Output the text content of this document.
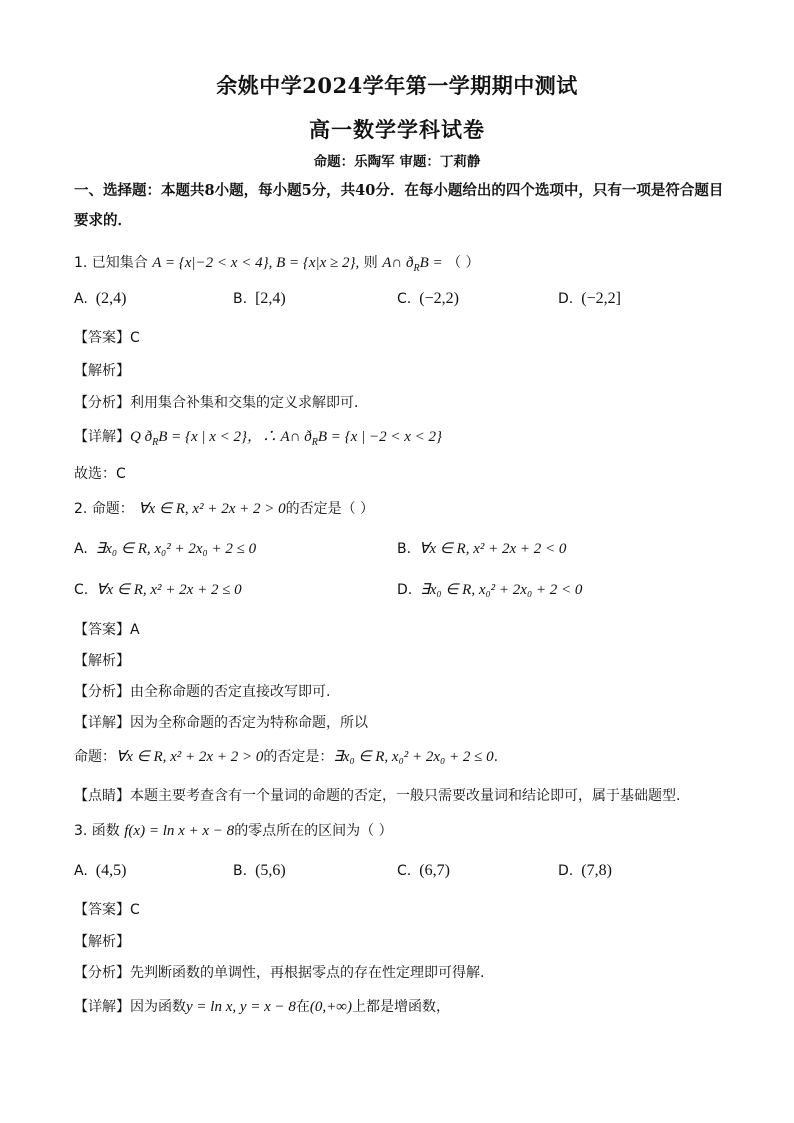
余姚中学2024学年第一学期期中测试
高一数学学科试卷
命题：乐陶军 审题：丁莉静
一、选择题：本题共8小题，每小题5分，共40分．在每小题给出的四个选项中，只有一项是符合题目要求的．
1. 已知集合 A = {x|−2 < x < 4}, B = {x|x ≥ 2}, 则 A∩ $ð_RB$ = （ ）
A. (2,4)	B. [2,4)	C. (−2,2)	D. (−2,2]
【答案】C
【解析】
【分析】利用集合补集和交集的定义求解即可．
【详解】Q $ð_RB = \{x$ | x < 2}，∴ A∩ $ð_RB = \{x$ | −2 < x < 2}
故选：C
2. 命题： ∀x ∈ R, x² + 2x + 2 > 0的否定是（ ）
A. ∃x₀ ∈ R, x₀² + 2x₀ + 2 ≤ 0	B. ∀x ∈ R, x² + 2x + 2 < 0
C. ∀x ∈ R, x² + 2x + 2 ≤ 0	D. ∃x₀ ∈ R, x₀² + 2x₀ + 2 < 0
【答案】A
【解析】
【分析】由全称命题的否定直接改写即可.
【详解】因为全称命题的否定为特称命题，所以
命题：∀x ∈ R, x² + 2x + 2 > 0的否定是：∃x₀ ∈ R, x₀² + 2x₀ + 2 ≤ 0.
【点睛】本题主要考查含有一个量词的命题的否定，一般只需要改量词和结论即可，属于基础题型.
3. 函数 f(x) = ln x + x − 8的零点所在的区间为（ ）
A. (4,5)	B. (5,6)	C. (6,7)	D. (7,8)
【答案】C
【解析】
【分析】先判断函数的单调性，再根据零点的存在性定理即可得解.
【详解】因为函数y = ln x, y = x − 8在(0,+∞)上都是增函数，
